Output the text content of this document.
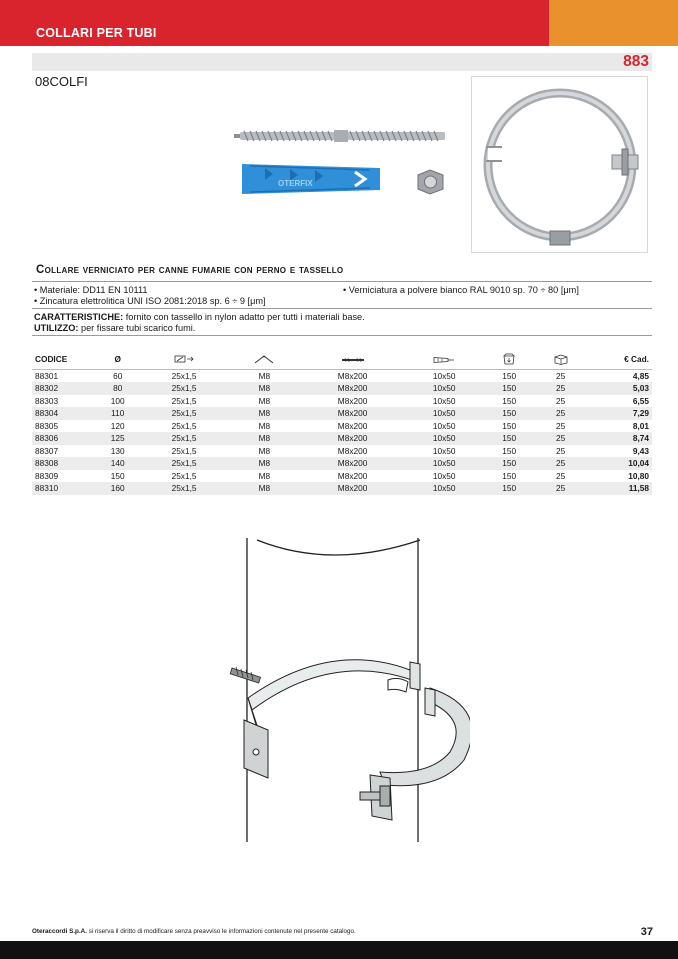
COLLARI PER TUBI
883
08COLFI
OTERFIX
Collare verniciato per canne fumarie con perno e tassello
• Materiale: DD11 EN 10111
• Zincatura elettrolitica UNI ISO 2081:2018 sp. 6 ÷ 9 [μm]
• Verniciatura a polvere bianco RAL 9010 sp. 70 ÷ 80 [μm]
CARATTERISTICHE: fornito con tassello in nylon adatto per tutti i materiali base.
UTILIZZO: per fissare tubi scarico fumi.
CODICE	Ø							€ Cad.
88301	60	25x1,5	M8	M8x200	10x50	150	25	4,85
88302	80	25x1,5	M8	M8x200	10x50	150	25	5,03
88303	100	25x1,5	M8	M8x200	10x50	150	25	6,55
88304	110	25x1,5	M8	M8x200	10x50	150	25	7,29
88305	120	25x1,5	M8	M8x200	10x50	150	25	8,01
88306	125	25x1,5	M8	M8x200	10x50	150	25	8,74
88307	130	25x1,5	M8	M8x200	10x50	150	25	9,43
88308	140	25x1,5	M8	M8x200	10x50	150	25	10,04
88309	150	25x1,5	M8	M8x200	10x50	150	25	10,80
88310	160	25x1,5	M8	M8x200	10x50	150	25	11,58
Oteraccordi S.p.A. si riserva il diritto di modificare senza preavviso le informazioni contenute nel presente catalogo.	37
